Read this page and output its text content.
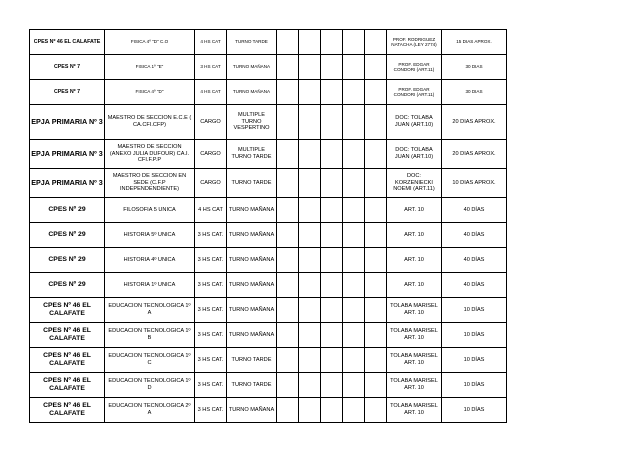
CPES Nº 46 EL CALAFATE	FISICA 4º "D" C.O	4 HS CAT	TURNO TARDE						PROF. RODRIGUEZ NATACHA (LEY 2774)	15 DIAS APROX.
CPES Nº 7	FISICA 1º "E"	3 HS CAT	TURNO MAÑANA						PROF. EDGAR CONDORI (ART.11)	30 DIAS
CPES Nº 7	FISICA 4º "D"	4 HS CAT	TURNO MAÑANA						PROF. EDGAR CONDORI (ART.11)	30 DIAS
EPJA PRIMARIA Nº 3	MAESTRO DE SECCION E.C.E ( CA.CFI.CFP)	CARGO	MULTIPLE TURNO VESPERTINO						DOC: TOLABA JUAN (ART.10)	20 DIAS APROX.
EPJA PRIMARIA Nº 3	MAESTRO DE SECCION (ANEXO JULIA DUFOUR) CA.I. CFI.F.P.P	CARGO	MULTIPLE TURNO TARDE						DOC: TOLABA JUAN (ART.10)	20 DIAS APROX.
EPJA PRIMARIA Nº 3	MAESTRO DE SECCION EN SEDE (C.F.P INDEPENDENDIENTE)	CARGO	TURNO TARDE						DOC: KORZENIECKI NOEMI (ART.11)	10 DIAS APROX.
CPES Nº 29	FILOSOFIA 5 UNICA	4 HS CAT	TURNO MAÑANA						ART. 10	40 DÍAS
CPES Nº 29	HISTORIA 5º UNICA	3 HS CAT.	TURNO MAÑANA						ART. 10	40 DÍAS
CPES Nº 29	HISTORIA 4º UNICA	3 HS CAT.	TURNO MAÑANA						ART. 10	40 DÍAS
CPES Nº 29	HISTORIA 1º UNICA	3 HS CAT.	TURNO MAÑANA						ART. 10	40 DÍAS
CPES Nº 46 EL CALAFATE	EDUCACION TECNOLOGICA 1º A	3 HS CAT.	TURNO MAÑANA						TOLABA MARISEL ART. 10	10 DÍAS
CPES Nº 46 EL CALAFATE	EDUCACION TECNOLOGICA 1º B	3 HS CAT.	TURNO MAÑANA						TOLABA MARISEL ART. 10	10 DÍAS
CPES Nº 46 EL CALAFATE	EDUCACION TECNOLOGICA 1º C	3 HS CAT.	TURNO TARDE						TOLABA MARISEL ART. 10	10 DÍAS
CPES Nº 46 EL CALAFATE	EDUCACION TECNOLOGICA 1º D	3 HS CAT.	TURNO TARDE						TOLABA MARISEL ART. 10	10 DÍAS
CPES Nº 46 EL CALAFATE	EDUCACION TECNOLOGICA 2º A	3 HS CAT.	TURNO MAÑANA						TOLABA MARISEL ART. 10	10 DÍAS
